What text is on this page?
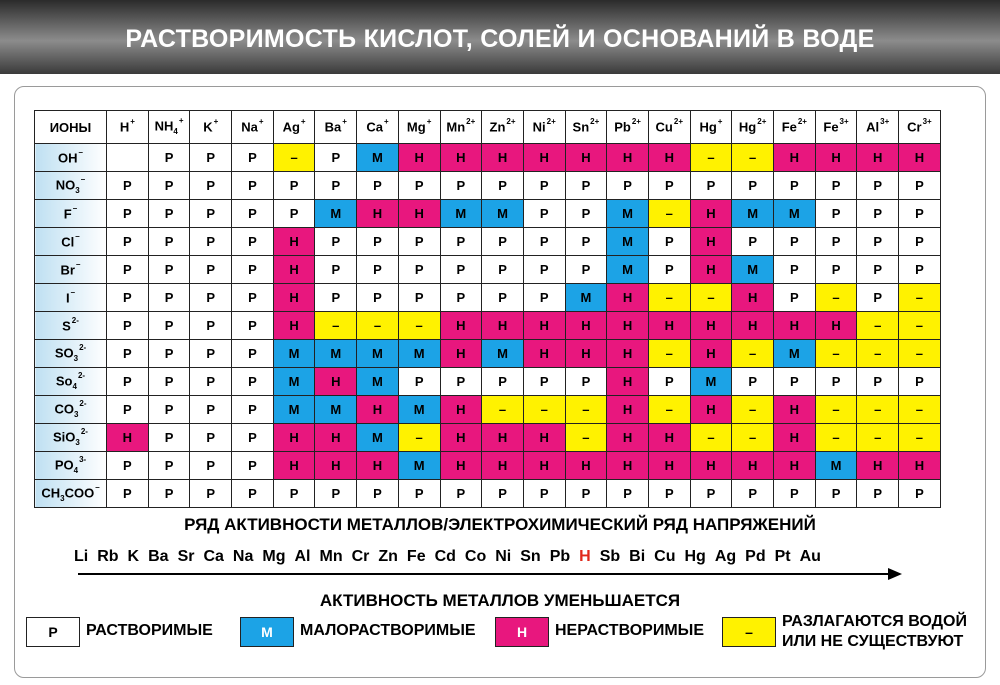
РАСТВОРИМОСТЬ КИСЛОТ, СОЛЕЙ И ОСНОВАНИЙ В ВОДЕ
ИОНЫ	H+	$NH_4^+$	K+	Na+	Ag+	Ba+	Ca+	Mg+	$Mn^{2+}$	$Zn^{2+}$	$Ni^{2+}$	$Sn^{2+}$	$Pb^{2+}$	$Cu^{2+}$	Hg+	$Hg^{2+}$	$Fe^{2+}$	$Fe^{3+}$	$Al^{3+}$	$Cr^{3+}$
OH–		Р	Р	Р	–	Р	М	Н	Н	Н	Н	Н	Н	Н	–	–	Н	Н	Н	Н
$NO_3^-$	Р	Р	Р	Р	Р	Р	Р	Р	Р	Р	Р	Р	Р	Р	Р	Р	Р	Р	Р	Р
F–	Р	Р	Р	Р	Р	М	Н	Н	М	М	Р	Р	М	–	Н	М	М	Р	Р	Р
Cl–	Р	Р	Р	Р	Н	Р	Р	Р	Р	Р	Р	Р	М	Р	Н	Р	Р	Р	Р	Р
Br–	Р	Р	Р	Р	Н	Р	Р	Р	Р	Р	Р	Р	М	Р	Н	М	Р	Р	Р	Р
I–	Р	Р	Р	Р	Н	Р	Р	Р	Р	Р	Р	М	Н	–	–	Н	Р	–	Р	–
$S^{2-}$	Р	Р	Р	Р	Н	–	–	–	Н	Н	Н	Н	Н	Н	Н	Н	Н	Н	–	–
$SO_3^{2-}$	Р	Р	Р	Р	М	М	М	М	Н	М	Н	Н	Н	–	Н	–	М	–	–	–
$So_4^{2-}$	Р	Р	Р	Р	М	Н	М	Р	Р	Р	Р	Р	Н	Р	М	Р	Р	Р	Р	Р
$CO_3^{2-}$	Р	Р	Р	Р	М	М	Н	М	Н	–	–	–	Н	–	Н	–	Н	–	–	–
SiO$_3^{2-}$	Н	Р	Р	Р	Н	Н	М	–	Н	Н	Н	–	Н	Н	–	–	Н	–	–	–
$PO_4^{3-}$	Р	Р	Р	Р	Н	Н	Н	М	Н	Н	Н	Н	Н	Н	Н	Н	Н	М	Н	Н
$CH_3COO^-$	Р	Р	Р	Р	Р	Р	Р	Р	Р	Р	Р	Р	Р	Р	Р	Р	Р	Р	Р	Р
РЯД АКТИВНОСТИ МЕТАЛЛОВ/ЭЛЕКТРОХИМИЧЕСКИЙ РЯД НАПРЯЖЕНИЙ
Li Rb K Ba Sr Ca Na Mg Al Mn Cr Zn Fe Cd Co Ni Sn Pb H Sb Bi Cu Hg Ag Pd Pt Au
АКТИВНОСТЬ МЕТАЛЛОВ УМЕНЬШАЕТСЯ
Р	РАСТВОРИМЫЕ	М	МАЛОРАСТВОРИМЫЕ	Н	НЕРАСТВОРИМЫЕ	–
РАЗЛАГАЮТСЯ ВОДОЙ
ИЛИ НЕ СУЩЕСТВУЮТ
